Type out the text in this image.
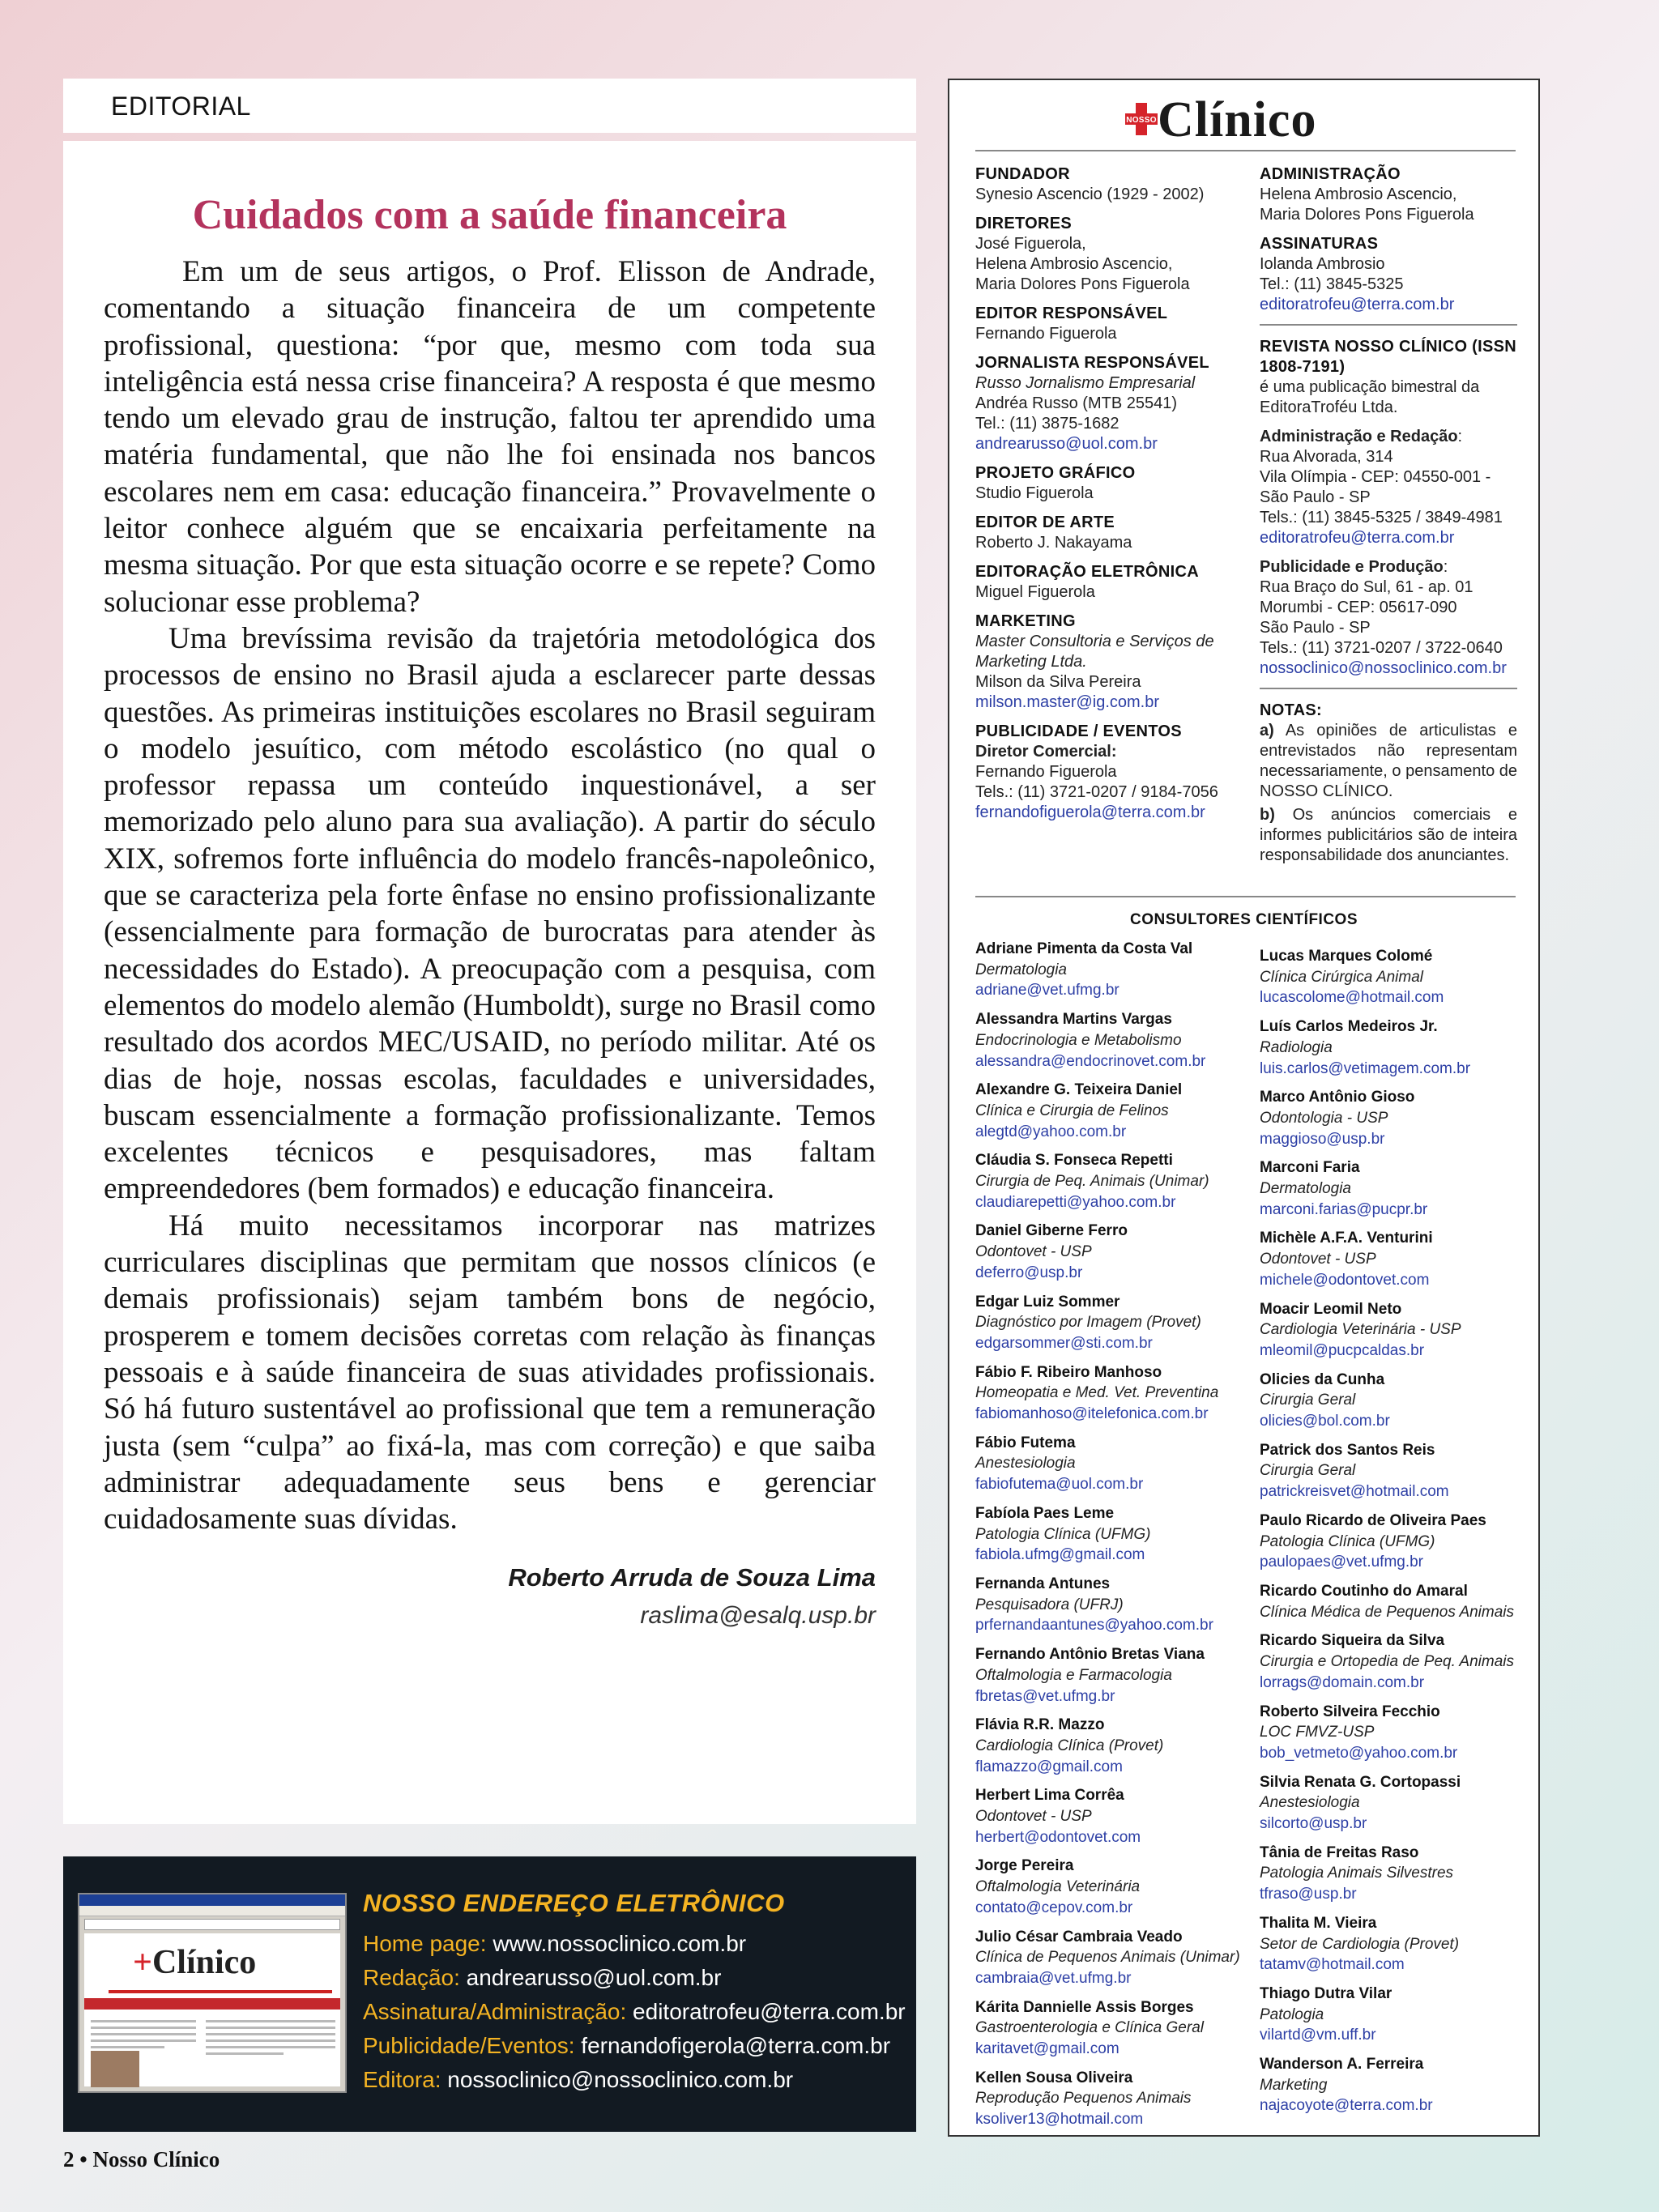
EDITORIAL
Cuidados com a saúde financeira

Em um de seus artigos, o Prof. Elisson de Andrade, comentando a situação financeira de um competente profissional, questiona: “por que, mesmo com toda sua inteligência está nessa crise financeira? A resposta é que mesmo tendo um elevado grau de instrução, faltou ter aprendido uma matéria fundamental, que não lhe foi ensinada nos bancos escolares nem em casa: educação financeira.” Provavelmente o leitor conhece alguém que se encaixaria perfeitamente na mesma situação. Por que esta situação ocorre e se repete? Como solucionar esse problema?

Uma brevíssima revisão da trajetória metodológica dos processos de ensino no Brasil ajuda a esclarecer parte dessas questões. As primeiras instituições escolares no Brasil seguiram o modelo jesuítico, com método escolástico (no qual o professor repassa um conteúdo inquestionável, a ser memorizado pelo aluno para sua avaliação). A partir do século XIX, sofremos forte influência do modelo francês-napoleônico, que se caracteriza pela forte ênfase no ensino profissionalizante (essencialmente para formação de burocratas para atender às necessidades do Estado). A preocupação com a pesquisa, com elementos do modelo alemão (Humboldt), surge no Brasil como resultado dos acordos MEC/USAID, no período militar. Até os dias de hoje, nossas escolas, faculdades e universidades, buscam essencialmente a formação profissionalizante. Temos excelentes técnicos e pesquisadores, mas faltam empreendedores (bem formados) e educação financeira.

Há muito necessitamos incorporar nas matrizes curriculares disciplinas que permitam que nossos clínicos (e demais profissionais) sejam também bons de negócio, prosperem e tomem decisões corretas com relação às finanças pessoais e à saúde financeira de suas atividades profissionais. Só há futuro sustentável ao profissional que tem a remuneração justa (sem “culpa” ao fixá-la, mas com correção) e que saiba administrar adequadamente seus bens e gerenciar cuidadosamente suas dívidas.

Roberto Arruda de Souza Lima
raslima@esalq.usp.br
+Clínico
NOSSO ENDEREÇO ELETRÔNICO
Home page: www.nossoclinico.com.br
Redação: andrearusso@uol.com.br
Assinatura/Administração: editoratrofeu@terra.com.br
Publicidade/Eventos: fernandofigerola@terra.com.br
Editora: nossoclinico@nossoclinico.com.br
2 • Nosso Clínico
NOSSO Clínico
FUNDADOR
Synesio Ascencio (1929 - 2002)
DIRETORES
José Figuerola,
Helena Ambrosio Ascencio,
Maria Dolores Pons Figuerola
EDITOR RESPONSÁVEL
Fernando Figuerola
JORNALISTA RESPONSÁVEL
Russo Jornalismo Empresarial
Andréa Russo (MTB 25541)
Tel.: (11) 3875-1682
andrearusso@uol.com.br
PROJETO GRÁFICO
Studio Figuerola
EDITOR DE ARTE
Roberto J. Nakayama
EDITORAÇÃO ELETRÔNICA
Miguel Figuerola
MARKETING
Master Consultoria e Serviços de Marketing Ltda.
Milson da Silva Pereira
milson.master@ig.com.br
PUBLICIDADE / EVENTOS
Diretor Comercial:
Fernando Figuerola
Tels.: (11) 3721-0207 / 9184-7056
fernandofiguerola@terra.com.br
ADMINISTRAÇÃO
Helena Ambrosio Ascencio,
Maria Dolores Pons Figuerola
ASSINATURAS
Iolanda Ambrosio
Tel.: (11) 3845-5325
editoratrofeu@terra.com.br
REVISTA NOSSO CLÍNICO (ISSN 1808-7191)
é uma publicação bimestral da EditoraTroféu Ltda.
Administração e Redação:
Rua Alvorada, 314
Vila Olímpia - CEP: 04550-001 -
São Paulo - SP
Tels.: (11) 3845-5325 / 3849-4981
editoratrofeu@terra.com.br
Publicidade e Produção:
Rua Braço do Sul, 61 - ap. 01
Morumbi - CEP: 05617-090
São Paulo - SP
Tels.: (11) 3721-0207 / 3722-0640
nossoclinico@nossoclinico.com.br
NOTAS:
a) As opiniões de articulistas e entrevistados não representam necessariamente, o pensamento de NOSSO CLÍNICO.
b) Os anúncios comerciais e informes publicitários são de inteira responsabilidade dos anunciantes.
CONSULTORES CIENTÍFICOS
Adriane Pimenta da Costa Val
Dermatologia
adriane@vet.ufmg.br
Alessandra Martins Vargas
Endocrinologia e Metabolismo
alessandra@endocrinovet.com.br
Alexandre G. Teixeira Daniel
Clínica e Cirurgia de Felinos
alegtd@yahoo.com.br
Cláudia S. Fonseca Repetti
Cirurgia de Peq. Animais (Unimar)
claudiarepetti@yahoo.com.br
Daniel Giberne Ferro
Odontovet - USP
deferro@usp.br
Edgar Luiz Sommer
Diagnóstico por Imagem (Provet)
edgarsommer@sti.com.br
Fábio F. Ribeiro Manhoso
Homeopatia e Med. Vet. Preventina
fabiomanhoso@itelefonica.com.br
Fábio Futema
Anestesiologia
fabiofutema@uol.com.br
Fabíola Paes Leme
Patologia Clínica (UFMG)
fabiola.ufmg@gmail.com
Fernanda Antunes
Pesquisadora (UFRJ)
prfernandaantunes@yahoo.com.br
Fernando Antônio Bretas Viana
Oftalmologia e Farmacologia
fbretas@vet.ufmg.br
Flávia R.R. Mazzo
Cardiologia Clínica (Provet)
flamazzo@gmail.com
Herbert Lima Corrêa
Odontovet - USP
herbert@odontovet.com
Jorge Pereira
Oftalmologia Veterinária
contato@cepov.com.br
Julio César Cambraia Veado
Clínica de Pequenos Animais (Unimar)
cambraia@vet.ufmg.br
Kárita Dannielle Assis Borges
Gastroenterologia e Clínica Geral
karitavet@gmail.com
Kellen Sousa Oliveira
Reprodução Pequenos Animais
ksoliver13@hotmail.com
Lucas Marques Colomé
Clínica Cirúrgica Animal
lucascolome@hotmail.com
Luís Carlos Medeiros Jr.
Radiologia
luis.carlos@vetimagem.com.br
Marco Antônio Gioso
Odontologia - USP
maggioso@usp.br
Marconi Faria
Dermatologia
marconi.farias@pucpr.br
Michèle A.F.A. Venturini
Odontovet - USP
michele@odontovet.com
Moacir Leomil Neto
Cardiologia Veterinária - USP
mleomil@pucpcaldas.br
Olicies da Cunha
Cirurgia Geral
olicies@bol.com.br
Patrick dos Santos Reis
Cirurgia Geral
patrickreisvet@hotmail.com
Paulo Ricardo de Oliveira Paes
Patologia Clínica (UFMG)
paulopaes@vet.ufmg.br
Ricardo Coutinho do Amaral
Clínica Médica de Pequenos Animais
Ricardo Siqueira da Silva
Cirurgia e Ortopedia de Peq. Animais
lorrags@domain.com.br
Roberto Silveira Fecchio
LOC FMVZ-USP
bob_vetmeto@yahoo.com.br
Silvia Renata G. Cortopassi
Anestesiologia
silcorto@usp.br
Tânia de Freitas Raso
Patologia Animais Silvestres
tfraso@usp.br
Thalita M. Vieira
Setor de Cardiologia (Provet)
tatamv@hotmail.com
Thiago Dutra Vilar
Patologia
vilartd@vm.uff.br
Wanderson A. Ferreira
Marketing
najacoyote@terra.com.br
